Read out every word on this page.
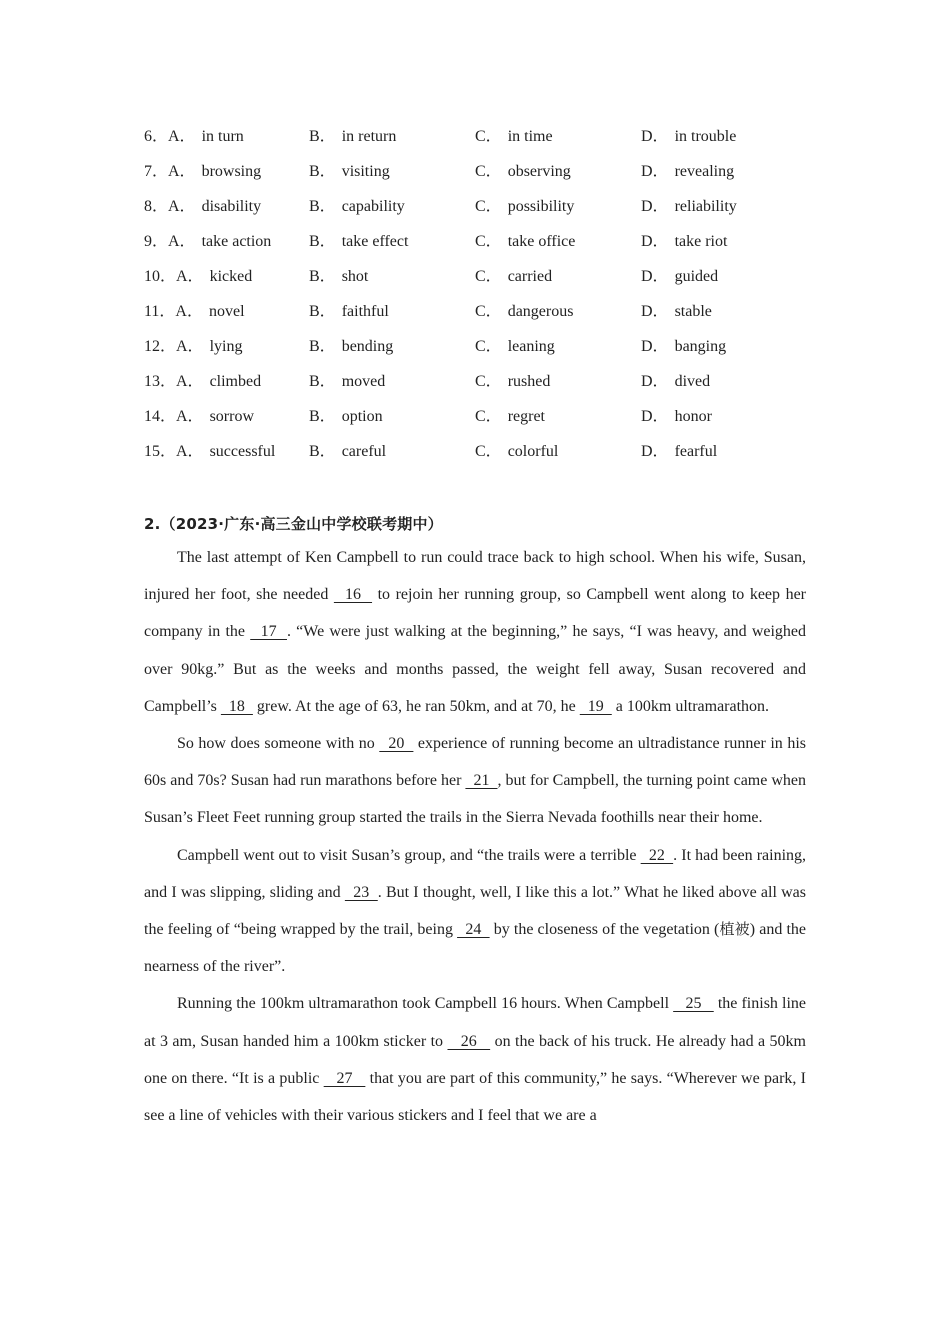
6．A． in turn	B． in return	C． in time	D． in trouble
7．A． browsing	B． visiting	C． observing	D． revealing
8．A． disability	B． capability	C． possibility	D． reliability
9．A． take action B． take effect	C． take office	D． take riot
10．A． kicked	B． shot	C． carried	D． guided
11．A． novel	B． faithful	C． dangerous	D． stable
12．A． lying	B． bending	C． leaning	D． banging
13．A． climbed	B． moved	C． rushed	D． dived
14．A． sorrow	B． option	C． regret	D． honor
15．A． successful B． careful	C． colorful	D． fearful
2.（2023·广东·高三金山中学校联考期中）

The last attempt of Ken Campbell to run could trace back to high school. When his wife, Susan, injured her foot, she needed   16   to rejoin her running group, so Campbell went along to keep her company in the   17  . “We were just walking at the beginning,” he says, “I was heavy, and weighed over 90kg.” But as the weeks and months passed, the weight fell away, Susan recovered and Campbell’s   18   grew. At the age of 63, he ran 50km, and at 70, he   19   a 100km ultramarathon.

So how does someone with no   20   experience of running become an ultradistance runner in his 60s and 70s? Susan had run marathons before her   21  , but for Campbell, the turning point came when Susan’s Fleet Feet running group started the trails in the Sierra Nevada foothills near their home.

Campbell went out to visit Susan’s group, and “the trails were a terrible   22  . It had been raining, and I was slipping, sliding and   23  . But I thought, well, I like this a lot.” What he liked above all was the feeling of “being wrapped by the trail, being   24   by the closeness of the vegetation (植被) and the nearness of the river”.

Running the 100km ultramarathon took Campbell 16 hours. When Campbell    25    the finish line at 3 am, Susan handed him a 100km sticker to    26    on the back of his truck. He already had a 50km one on there. “It is a public    27    that you are part of this community,” he says. “Wherever we park, I see a line of vehicles with their various stickers and I feel that we are a
